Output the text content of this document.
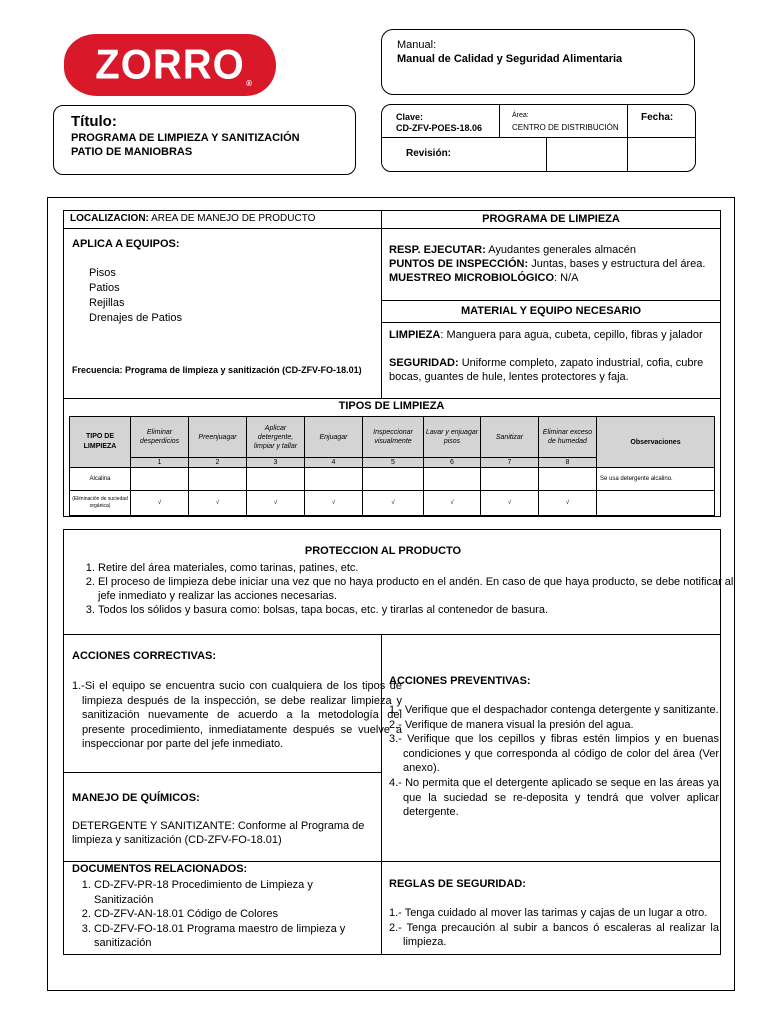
ZORRO ®
Manual:
Manual de Calidad y Seguridad Alimentaria
Título:
PROGRAMA DE LIMPIEZA Y SANITIZACIÓN
PATIO DE MANIOBRAS
Clave:
CD-ZFV-POES-18.06
Área:
CENTRO DE DISTRIBUCIÓN
Fecha:
Revisión:
LOCALIZACION: AREA DE MANEJO DE PRODUCTO	PROGRAMA DE LIMPIEZA
APLICA A EQUIPOS:
Pisos
Patios
Rejillas
Drenajes de Patios
Frecuencia: Programa de limpieza y sanitización (CD-ZFV-FO-18.01)
RESP. EJECUTAR: Ayudantes generales almacén
PUNTOS DE INSPECCIÓN: Juntas, bases y estructura del área.
MUESTREO MICROBIOLÓGICO: N/A
MATERIAL Y EQUIPO NECESARIO
LIMPIEZA: Manguera para agua, cubeta, cepillo, fibras y jalador
SEGURIDAD: Uniforme completo, zapato industrial, cofia, cubre bocas, guantes de hule, lentes protectores y faja.
TIPOS DE LIMPIEZA
TIPO DE LIMPIEZA	Eliminar desperdicios	Preenjuagar	Aplicar detergente, limpiar y tallar	Enjuagar	Inspeccionar visualmente	Lavar y enjuagar pisos	Sanitizar	Eliminar exceso de humedad	Observaciones
	1	2	3	4	5	6	7	8	
Alcalina									Se usa detergente alcalino.
(Eliminación de suciedad orgánica)	√	√	√	√	√	√	√	√	
PROTECCION AL PRODUCTO
1. Retire del área materiales, como tarinas, patines, etc.
2. El proceso de limpieza debe iniciar una vez que no haya producto en el andén. En caso de que haya producto, se debe notificar al jefe inmediato y realizar las acciones necesarias.
3. Todos los sólidos y basura como: bolsas, tapa bocas, etc. y tirarlas al contenedor de basura.
ACCIONES CORRECTIVAS:
1.-Si el equipo se encuentra sucio con cualquiera de los tipos de limpieza después de la inspección, se debe realizar limpieza y sanitización nuevamente de acuerdo a la metodología del presente procedimiento, inmediatamente después se vuelve a inspeccionar por parte del jefe inmediato.
MANEJO DE QUÍMICOS:
DETERGENTE Y SANITIZANTE: Conforme al Programa de limpieza y sanitización (CD-ZFV-FO-18.01)
ACCIONES PREVENTIVAS:
1.- Verifique que el despachador contenga detergente y sanitizante.
2.- Verifique de manera visual la presión del agua.
3.- Verifique que los cepillos y fibras estén limpios y en buenas condiciones y que corresponda al código de color del área (Ver anexo).
4.- No permita que el detergente aplicado se seque en las áreas ya que la suciedad se re-deposita y tendrá que volver aplicar detergente.
DOCUMENTOS RELACIONADOS:
1. CD-ZFV-PR-18 Procedimiento de Limpieza y Sanitización
2. CD-ZFV-AN-18.01 Código de Colores
3. CD-ZFV-FO-18.01 Programa maestro de limpieza y sanitización
REGLAS DE SEGURIDAD:
1.- Tenga cuidado al mover las tarimas y cajas de un lugar a otro.
2.- Tenga precaución al subir a bancos ó escaleras al realizar la limpieza.
